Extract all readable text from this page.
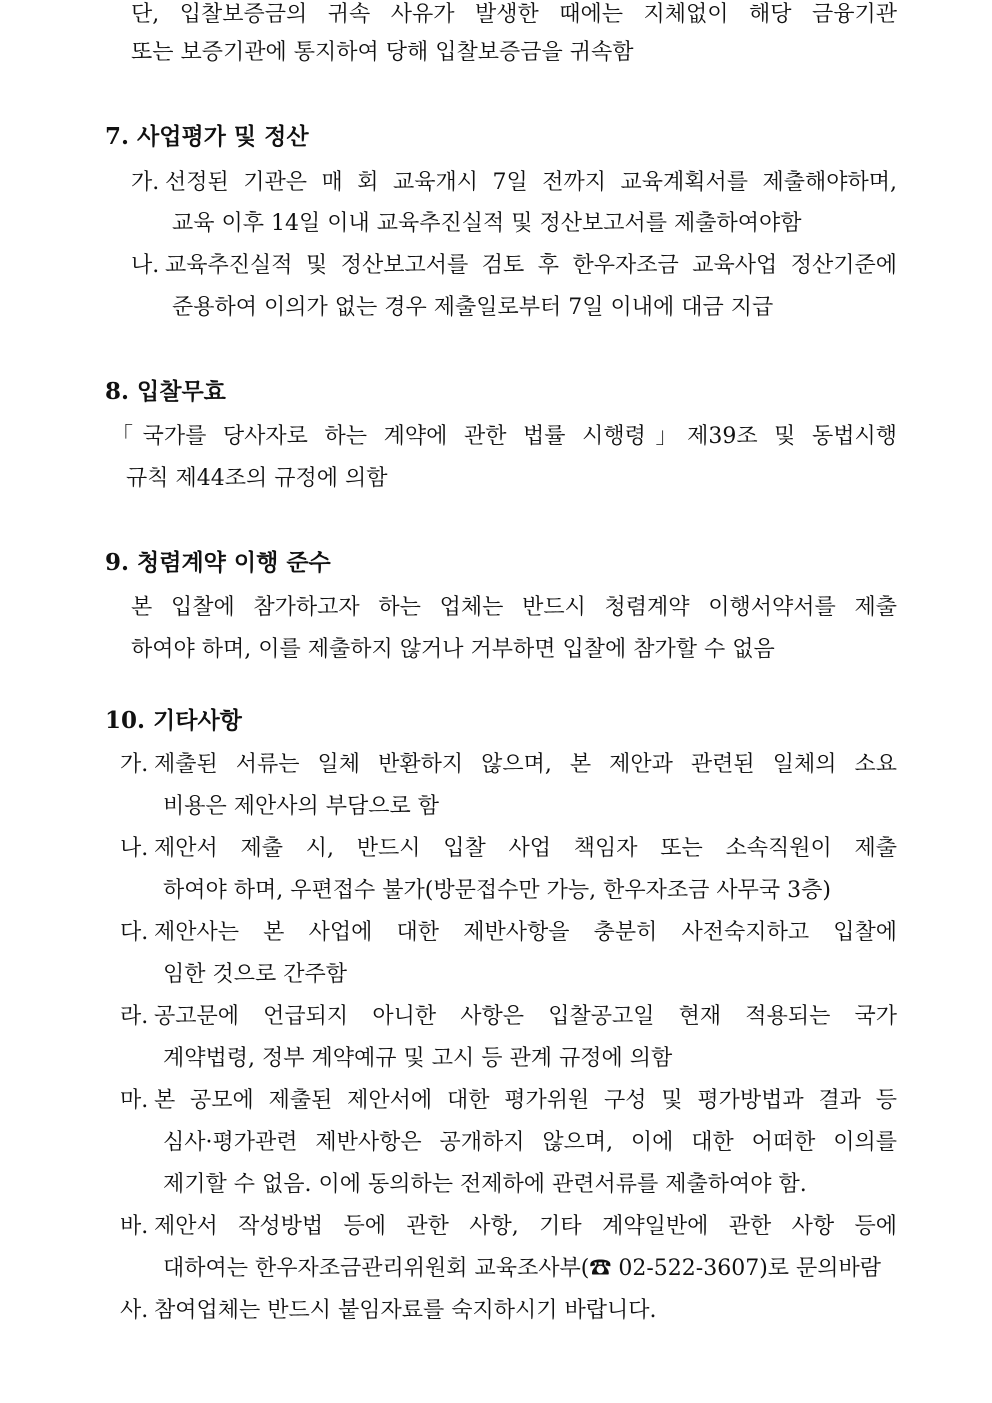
단, 입찰보증금의 귀속 사유가 발생한 때에는 지체없이 해당 금융기관
또는 보증기관에 통지하여 당해 입찰보증금을 귀속함
7. 사업평가 및 정산
가. 선정된 기관은 매 회 교육개시 7일 전까지 교육계획서를 제출해야하며,
교육 이후 14일 이내 교육추진실적 및 정산보고서를 제출하여야함
나. 교육추진실적 및 정산보고서를 검토 후 한우자조금 교육사업 정산기준에
준용하여 이의가 없는 경우 제출일로부터 7일 이내에 대금 지급
8. 입찰무효
「국가를 당사자로 하는 계약에 관한 법률 시행령」제39조 및 동법시행
규칙 제44조의 규정에 의함
9. 청렴계약 이행 준수
본 입찰에 참가하고자 하는 업체는 반드시 청렴계약 이행서약서를 제출
하여야 하며, 이를 제출하지 않거나 거부하면 입찰에 참가할 수 없음
10. 기타사항
가. 제출된 서류는 일체 반환하지 않으며, 본 제안과 관련된 일체의 소요
비용은 제안사의 부담으로 함
나. 제안서 제출 시, 반드시 입찰 사업 책임자 또는 소속직원이 제출
하여야 하며, 우편접수 불가(방문접수만 가능, 한우자조금 사무국 3층)
다. 제안사는 본 사업에 대한 제반사항을 충분히 사전숙지하고 입찰에
임한 것으로 간주함
라. 공고문에 언급되지 아니한 사항은 입찰공고일 현재 적용되는 국가
계약법령, 정부 계약예규 및 고시 등 관계 규정에 의함
마. 본 공모에 제출된 제안서에 대한 평가위원 구성 및 평가방법과 결과 등
심사·평가관련 제반사항은 공개하지 않으며, 이에 대한 어떠한 이의를
제기할 수 없음. 이에 동의하는 전제하에 관련서류를 제출하여야 함.
바. 제안서 작성방법 등에 관한 사항, 기타 계약일반에 관한 사항 등에
대하여는 한우자조금관리위원회 교육조사부(☎ 02-522-3607)로 문의바람
사. 참여업체는 반드시 붙임자료를 숙지하시기 바랍니다.
